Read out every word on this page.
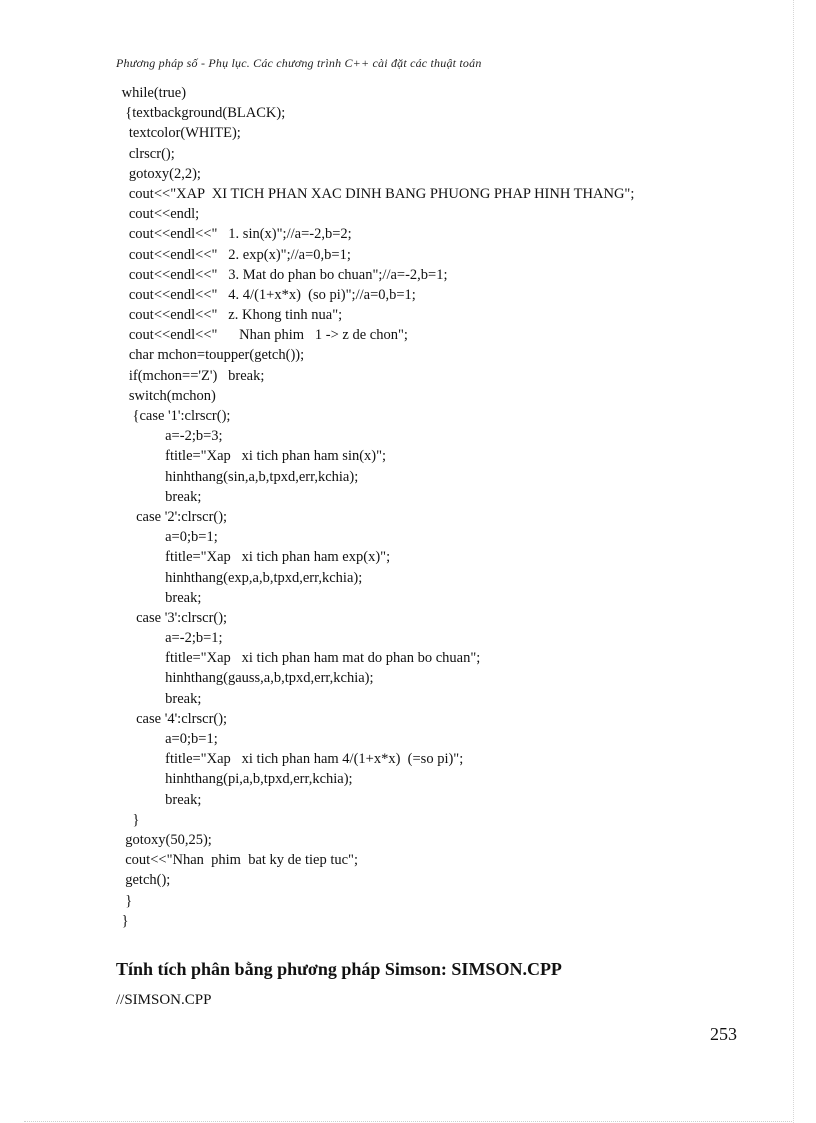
Phương pháp số - Phụ lục. Các chương trình C++ cài đặt các thuật toán
while(true)
{textbackground(BLACK);
textcolor(WHITE);
clrscr();
gotoxy(2,2);
cout<<"XAP  XI TICH PHAN XAC DINH BANG PHUONG PHAP HINH THANG";
cout<<endl;
cout<<endl<<"   1. sin(x)";//a=-2,b=2;
cout<<endl<<"   2. exp(x)";//a=0,b=1;
cout<<endl<<"   3. Mat do phan bo chuan";//a=-2,b=1;
cout<<endl<<"   4. 4/(1+x*x)  (so pi)";//a=0,b=1;
cout<<endl<<"   z. Khong tinh nua";
cout<<endl<<"      Nhan phim   1 -> z de chon";
char mchon=toupper(getch());
if(mchon=='Z')   break;
switch(mchon)
{case '1':clrscr();
a=-2;b=3;
ftitle="Xap   xi tich phan ham sin(x)";
hinhthang(sin,a,b,tpxd,err,kchia);
break;
case '2':clrscr();
a=0;b=1;
ftitle="Xap   xi tich phan ham exp(x)";
hinhthang(exp,a,b,tpxd,err,kchia);
break;
case '3':clrscr();
a=-2;b=1;
ftitle="Xap   xi tich phan ham mat do phan bo chuan";
hinhthang(gauss,a,b,tpxd,err,kchia);
break;
case '4':clrscr();
a=0;b=1;
ftitle="Xap   xi tich phan ham 4/(1+x*x)  (=so pi)";
hinhthang(pi,a,b,tpxd,err,kchia);
break;
}
gotoxy(50,25);
cout<<"Nhan  phim  bat ky de tiep tuc";
getch();
}
}
Tính tích phân bằng phương pháp Simson: SIMSON.CPP
//SIMSON.CPP
253
